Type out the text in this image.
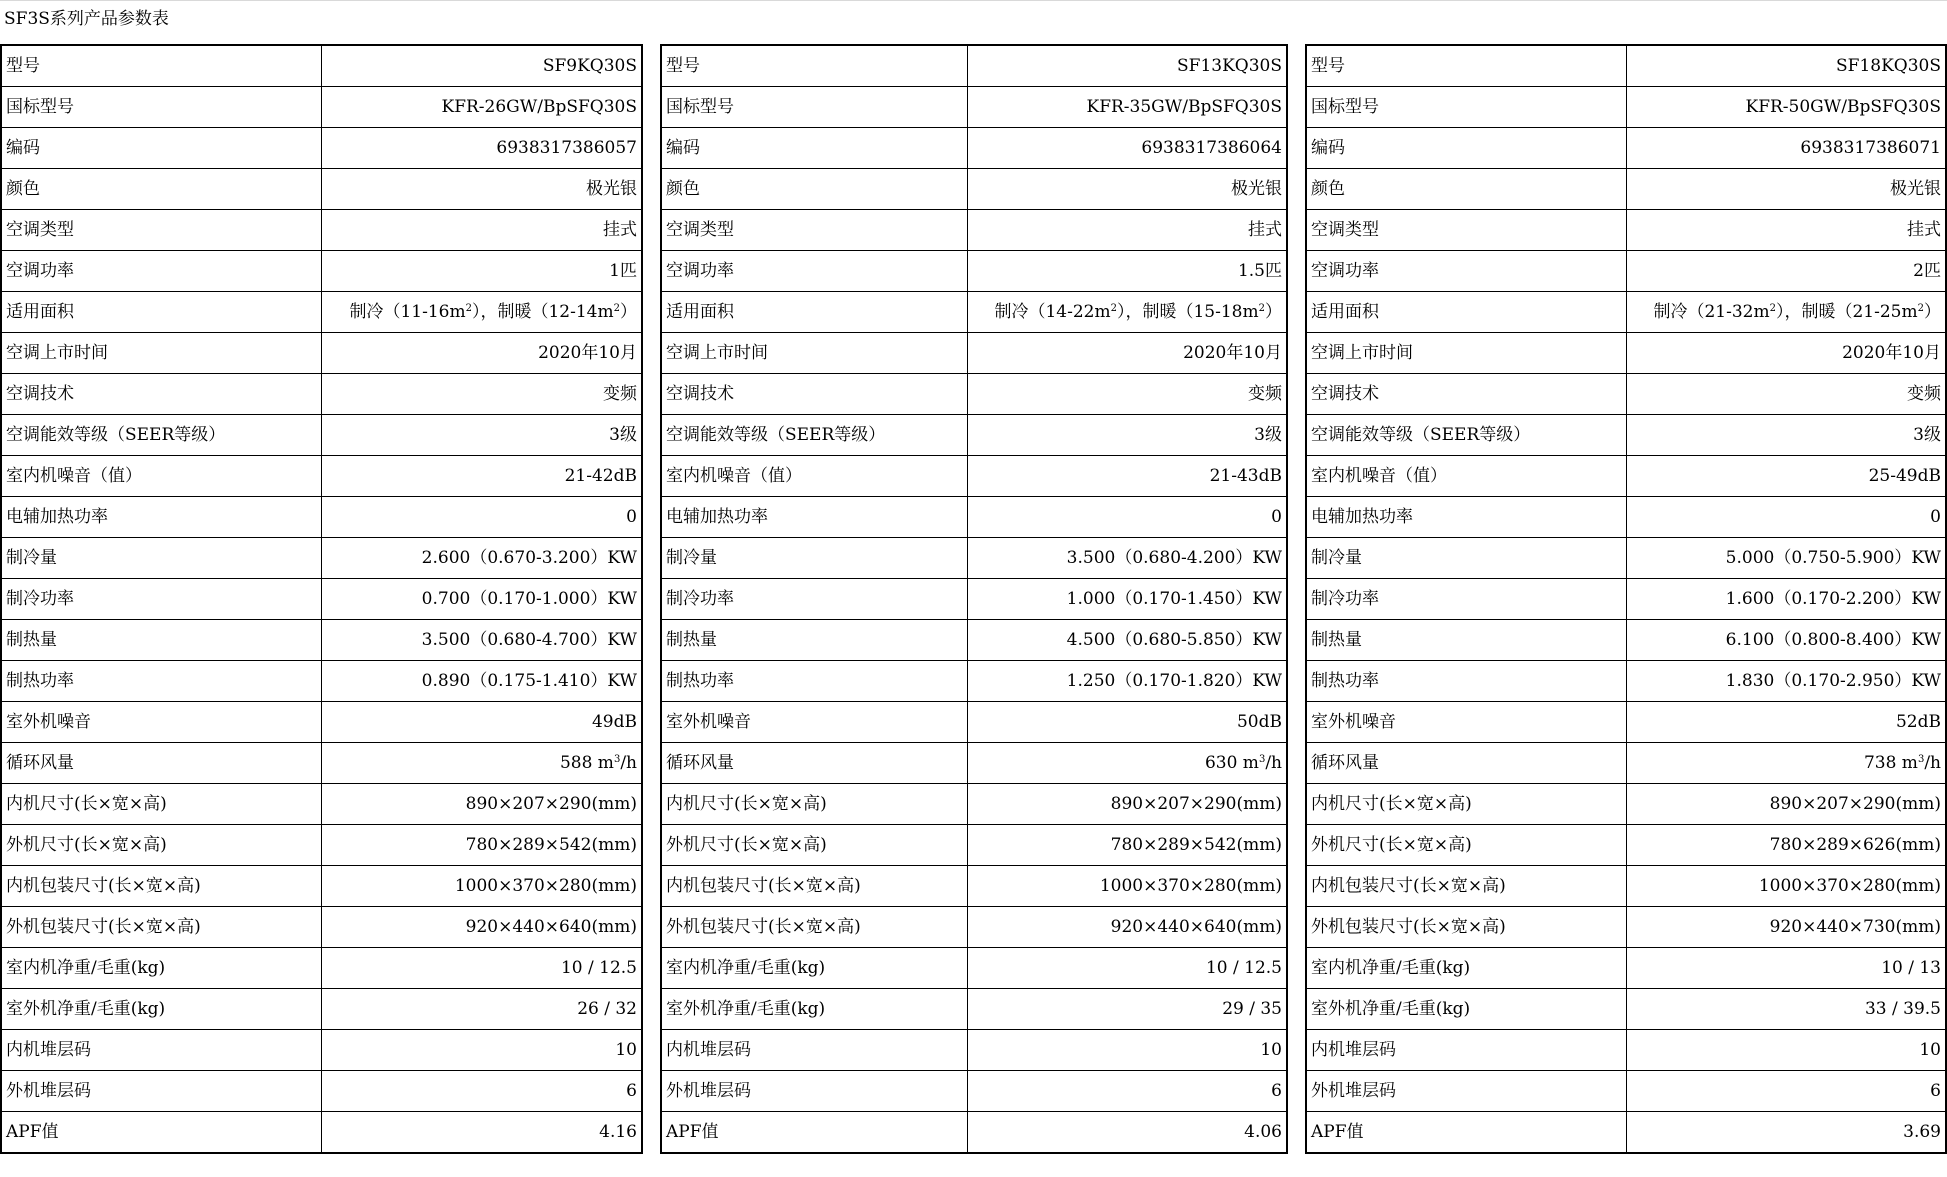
SF3S系列产品参数表
型号	SF9KQ30S
国标型号	KFR-26GW/BpSFQ30S
编码	6938317386057
颜色	极光银
空调类型	挂式
空调功率	1匹
适用面积	制冷$(11-16m^2)$，制暖$(12-14m^2)$
空调上市时间	2020年10月
空调技术	变频
空调能效等级（SEER等级）	3级
室内机噪音（值）	21-42dB
电辅加热功率	0
制冷量	2.600（0.670-3.200）KW
制冷功率	0.700（0.170-1.000）KW
制热量	3.500（0.680-4.700）KW
制热功率	0.890（0.175-1.410）KW
室外机噪音	49dB
循环风量	588 $m^3/h$
内机尺寸(长×宽×高)	890×207×290(mm)
外机尺寸(长×宽×高)	780×289×542(mm)
内机包装尺寸(长×宽×高)	1000×370×280(mm)
外机包装尺寸(长×宽×高)	920×440×640(mm)
室内机净重/毛重(kg)	10 / 12.5
室外机净重/毛重(kg)	26 / 32
内机堆层码	10
外机堆层码	6
APF值	4.16
型号	SF13KQ30S
国标型号	KFR-35GW/BpSFQ30S
编码	6938317386064
颜色	极光银
空调类型	挂式
空调功率	1.5匹
适用面积	制冷$(14-22m^2)$，制暖$(15-18m^2)$
空调上市时间	2020年10月
空调技术	变频
空调能效等级（SEER等级）	3级
室内机噪音（值）	21-43dB
电辅加热功率	0
制冷量	3.500（0.680-4.200）KW
制冷功率	1.000（0.170-1.450）KW
制热量	4.500（0.680-5.850）KW
制热功率	1.250（0.170-1.820）KW
室外机噪音	50dB
循环风量	630 $m^3/h$
内机尺寸(长×宽×高)	890×207×290(mm)
外机尺寸(长×宽×高)	780×289×542(mm)
内机包装尺寸(长×宽×高)	1000×370×280(mm)
外机包装尺寸(长×宽×高)	920×440×640(mm)
室内机净重/毛重(kg)	10 / 12.5
室外机净重/毛重(kg)	29 / 35
内机堆层码	10
外机堆层码	6
APF值	4.06
型号	SF18KQ30S
国标型号	KFR-50GW/BpSFQ30S
编码	6938317386071
颜色	极光银
空调类型	挂式
空调功率	2匹
适用面积	制冷$(21-32m^2)$，制暖$(21-25m^2)$
空调上市时间	2020年10月
空调技术	变频
空调能效等级（SEER等级）	3级
室内机噪音（值）	25-49dB
电辅加热功率	0
制冷量	5.000（0.750-5.900）KW
制冷功率	1.600（0.170-2.200）KW
制热量	6.100（0.800-8.400）KW
制热功率	1.830（0.170-2.950）KW
室外机噪音	52dB
循环风量	738 $m^3/h$
内机尺寸(长×宽×高)	890×207×290(mm)
外机尺寸(长×宽×高)	780×289×626(mm)
内机包装尺寸(长×宽×高)	1000×370×280(mm)
外机包装尺寸(长×宽×高)	920×440×730(mm)
室内机净重/毛重(kg)	10 / 13
室外机净重/毛重(kg)	33 / 39.5
内机堆层码	10
外机堆层码	6
APF值	3.69
